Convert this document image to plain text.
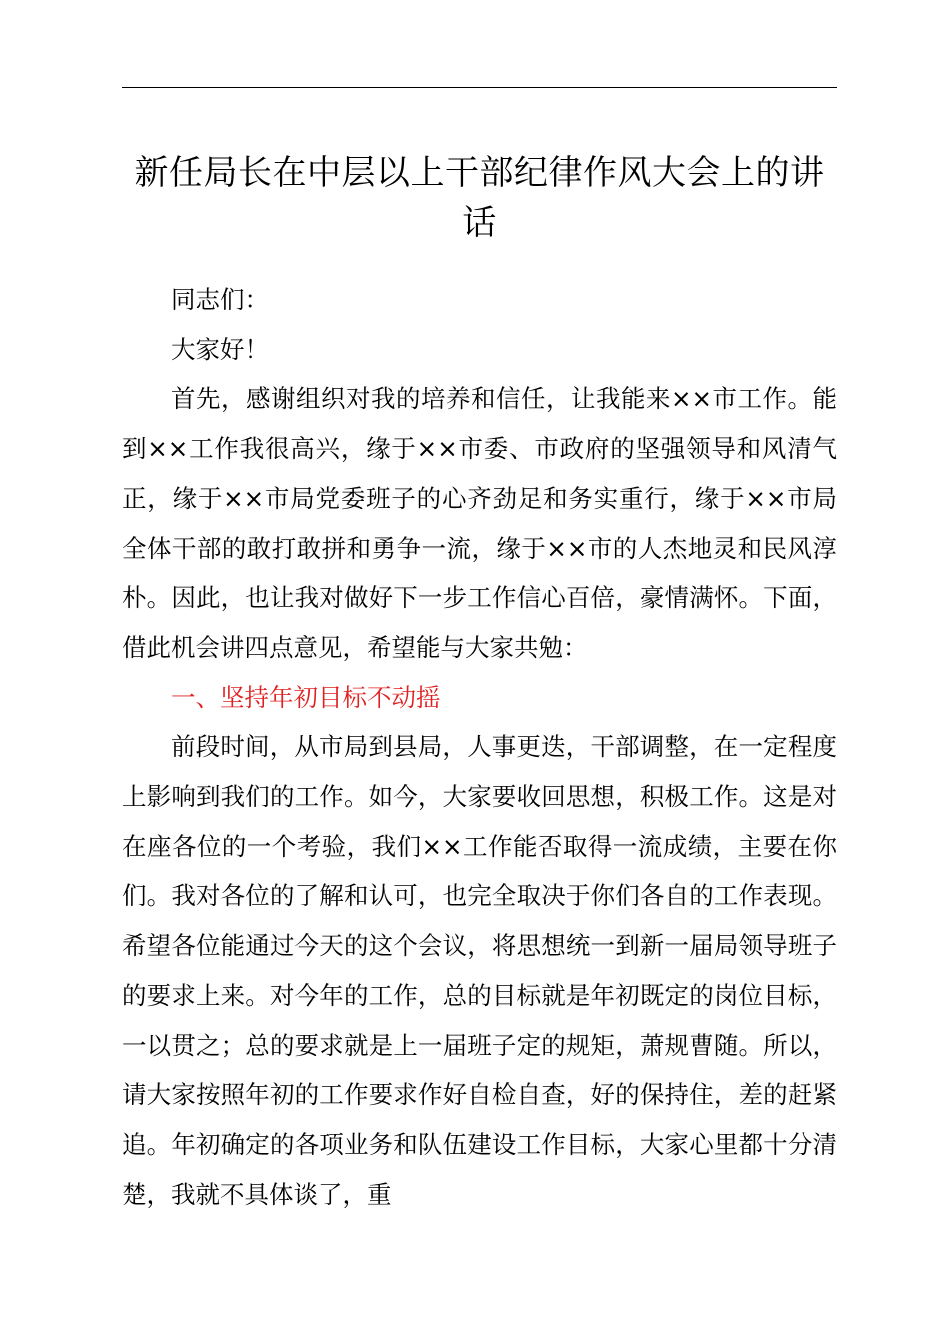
新任局长在中层以上干部纪律作风大会上的讲话

同志们：

大家好！

首先，感谢组织对我的培养和信任，让我能来××市工作。能到××工作我很高兴，缘于××市委、市政府的坚强领导和风清气正，缘于××市局党委班子的心齐劲足和务实重行，缘于××市局全体干部的敢打敢拼和勇争一流，缘于××市的人杰地灵和民风淳朴。因此，也让我对做好下一步工作信心百倍，豪情满怀。下面，借此机会讲四点意见，希望能与大家共勉：

一、坚持年初目标不动摇

前段时间，从市局到县局，人事更迭，干部调整，在一定程度上影响到我们的工作。如今，大家要收回思想，积极工作。这是对在座各位的一个考验，我们××工作能否取得一流成绩，主要在你们。我对各位的了解和认可，也完全取决于你们各自的工作表现。希望各位能通过今天的这个会议，将思想统一到新一届局领导班子的要求上来。对今年的工作，总的目标就是年初既定的岗位目标，一以贯之；总的要求就是上一届班子定的规矩，萧规曹随。所以，请大家按照年初的工作要求作好自检自查，好的保持住，差的赶紧追。年初确定的各项业务和队伍建设工作目标，大家心里都十分清楚，我就不具体谈了，重
